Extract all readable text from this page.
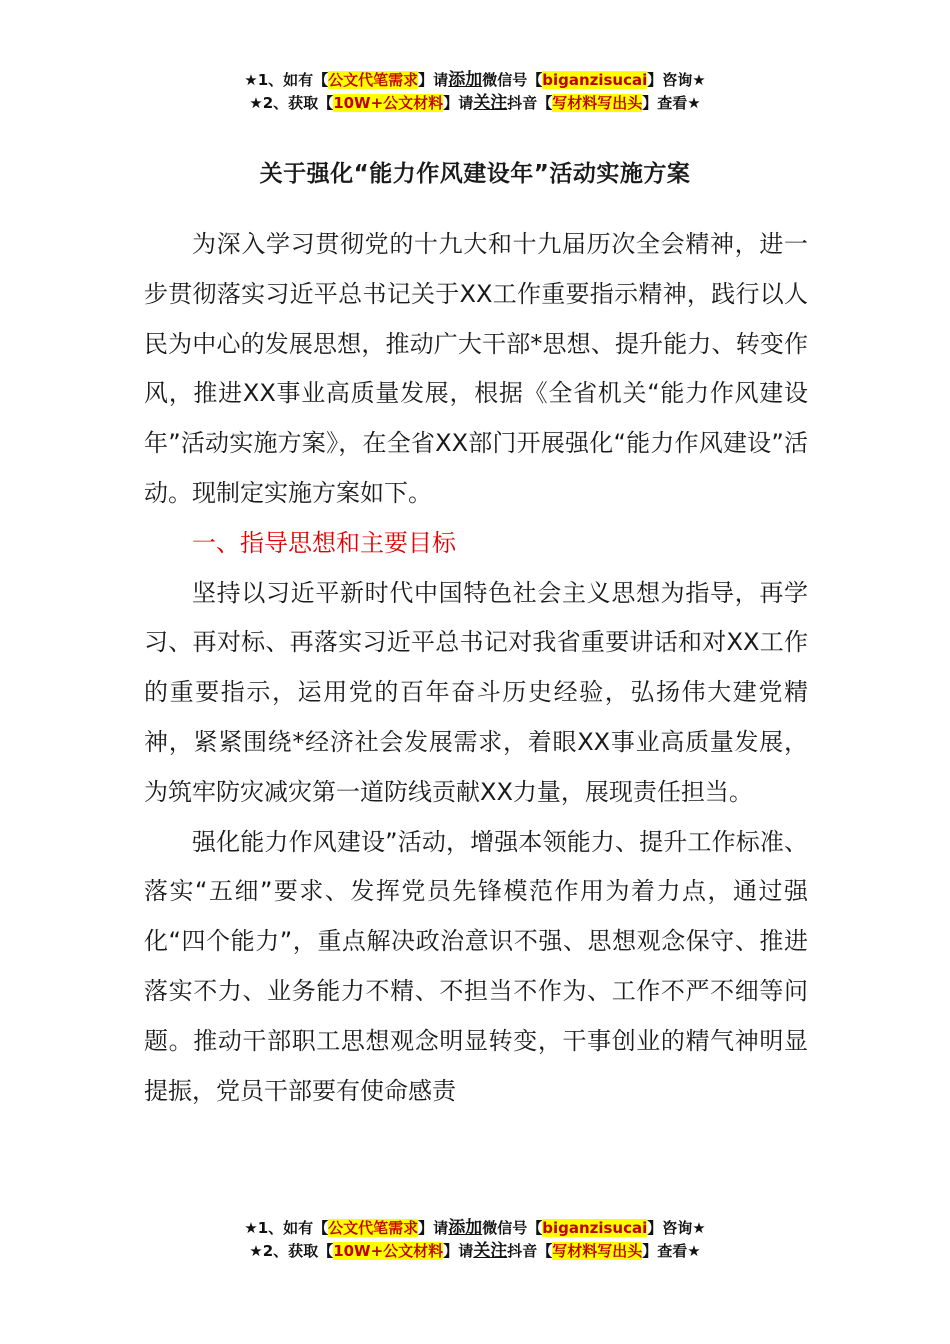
★1、如有【公文代笔需求】请添加微信号【biganzisucai】咨询★
★2、获取【10W+公文材料】请关注抖音【写材料写出头】查看★
关于强化“能力作风建设年”活动实施方案

为深入学习贯彻党的十九大和十九届历次全会精神，进一步贯彻落实习近平总书记关于XX工作重要指示精神，践行以人民为中心的发展思想，推动广大干部*思想、提升能力、转变作风，推进XX事业高质量发展，根据《全省机关“能力作风建设年”活动实施方案》，在全省XX部门开展强化“能力作风建设”活动。现制定实施方案如下。

一、指导思想和主要目标

坚持以习近平新时代中国特色社会主义思想为指导，再学习、再对标、再落实习近平总书记对我省重要讲话和对XX工作的重要指示，运用党的百年奋斗历史经验，弘扬伟大建党精神，紧紧围绕*经济社会发展需求，着眼XX事业高质量发展，为筑牢防灾减灾第一道防线贡献XX力量，展现责任担当。

强化能力作风建设”活动，增强本领能力、提升工作标准、落实“五细”要求、发挥党员先锋模范作用为着力点，通过强化“四个能力”，重点解决政治意识不强、思想观念保守、推进落实不力、业务能力不精、不担当不作为、工作不严不细等问题。推动干部职工思想观念明显转变，干事创业的精气神明显提振，党员干部要有使命感责

★1、如有【公文代笔需求】请添加微信号【biganzisucai】咨询★
★2、获取【10W+公文材料】请关注抖音【写材料写出头】查看★
